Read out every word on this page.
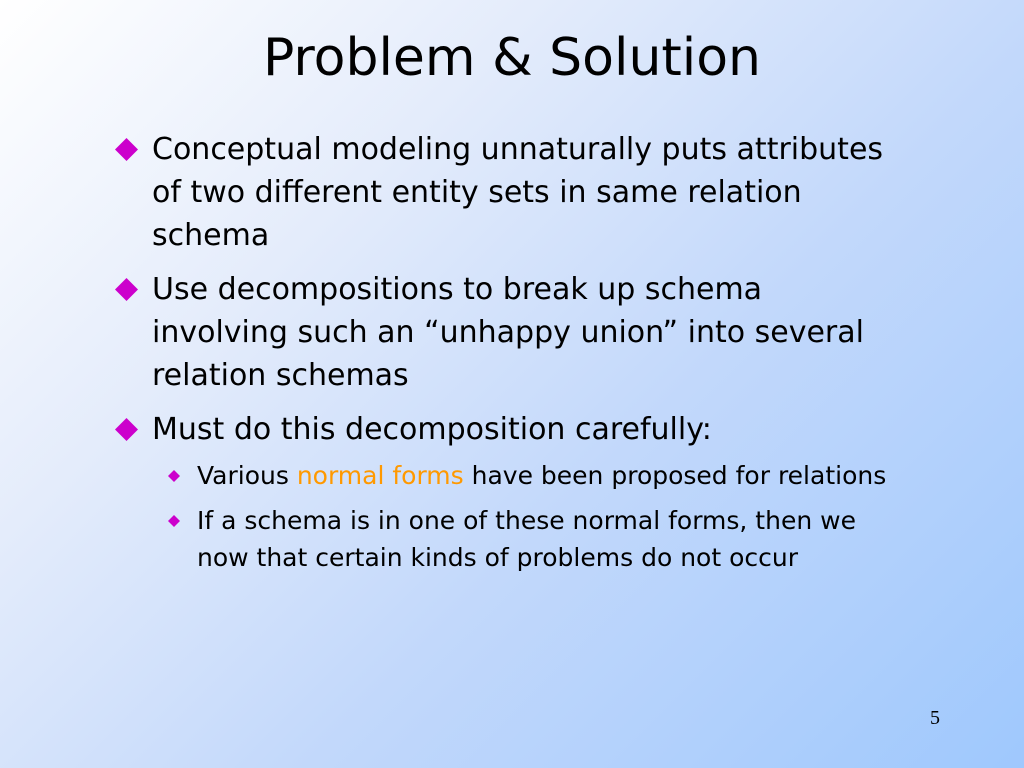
Problem & Solution
Conceptual modeling unnaturally puts attributes of two different entity sets in same relation schema
Use decompositions to break up schema involving such an “unhappy union” into several relation schemas
Must do this decomposition carefully:
Various normal forms have been proposed for relations
If a schema is in one of these normal forms, then we now that certain kinds of problems do not occur
5
